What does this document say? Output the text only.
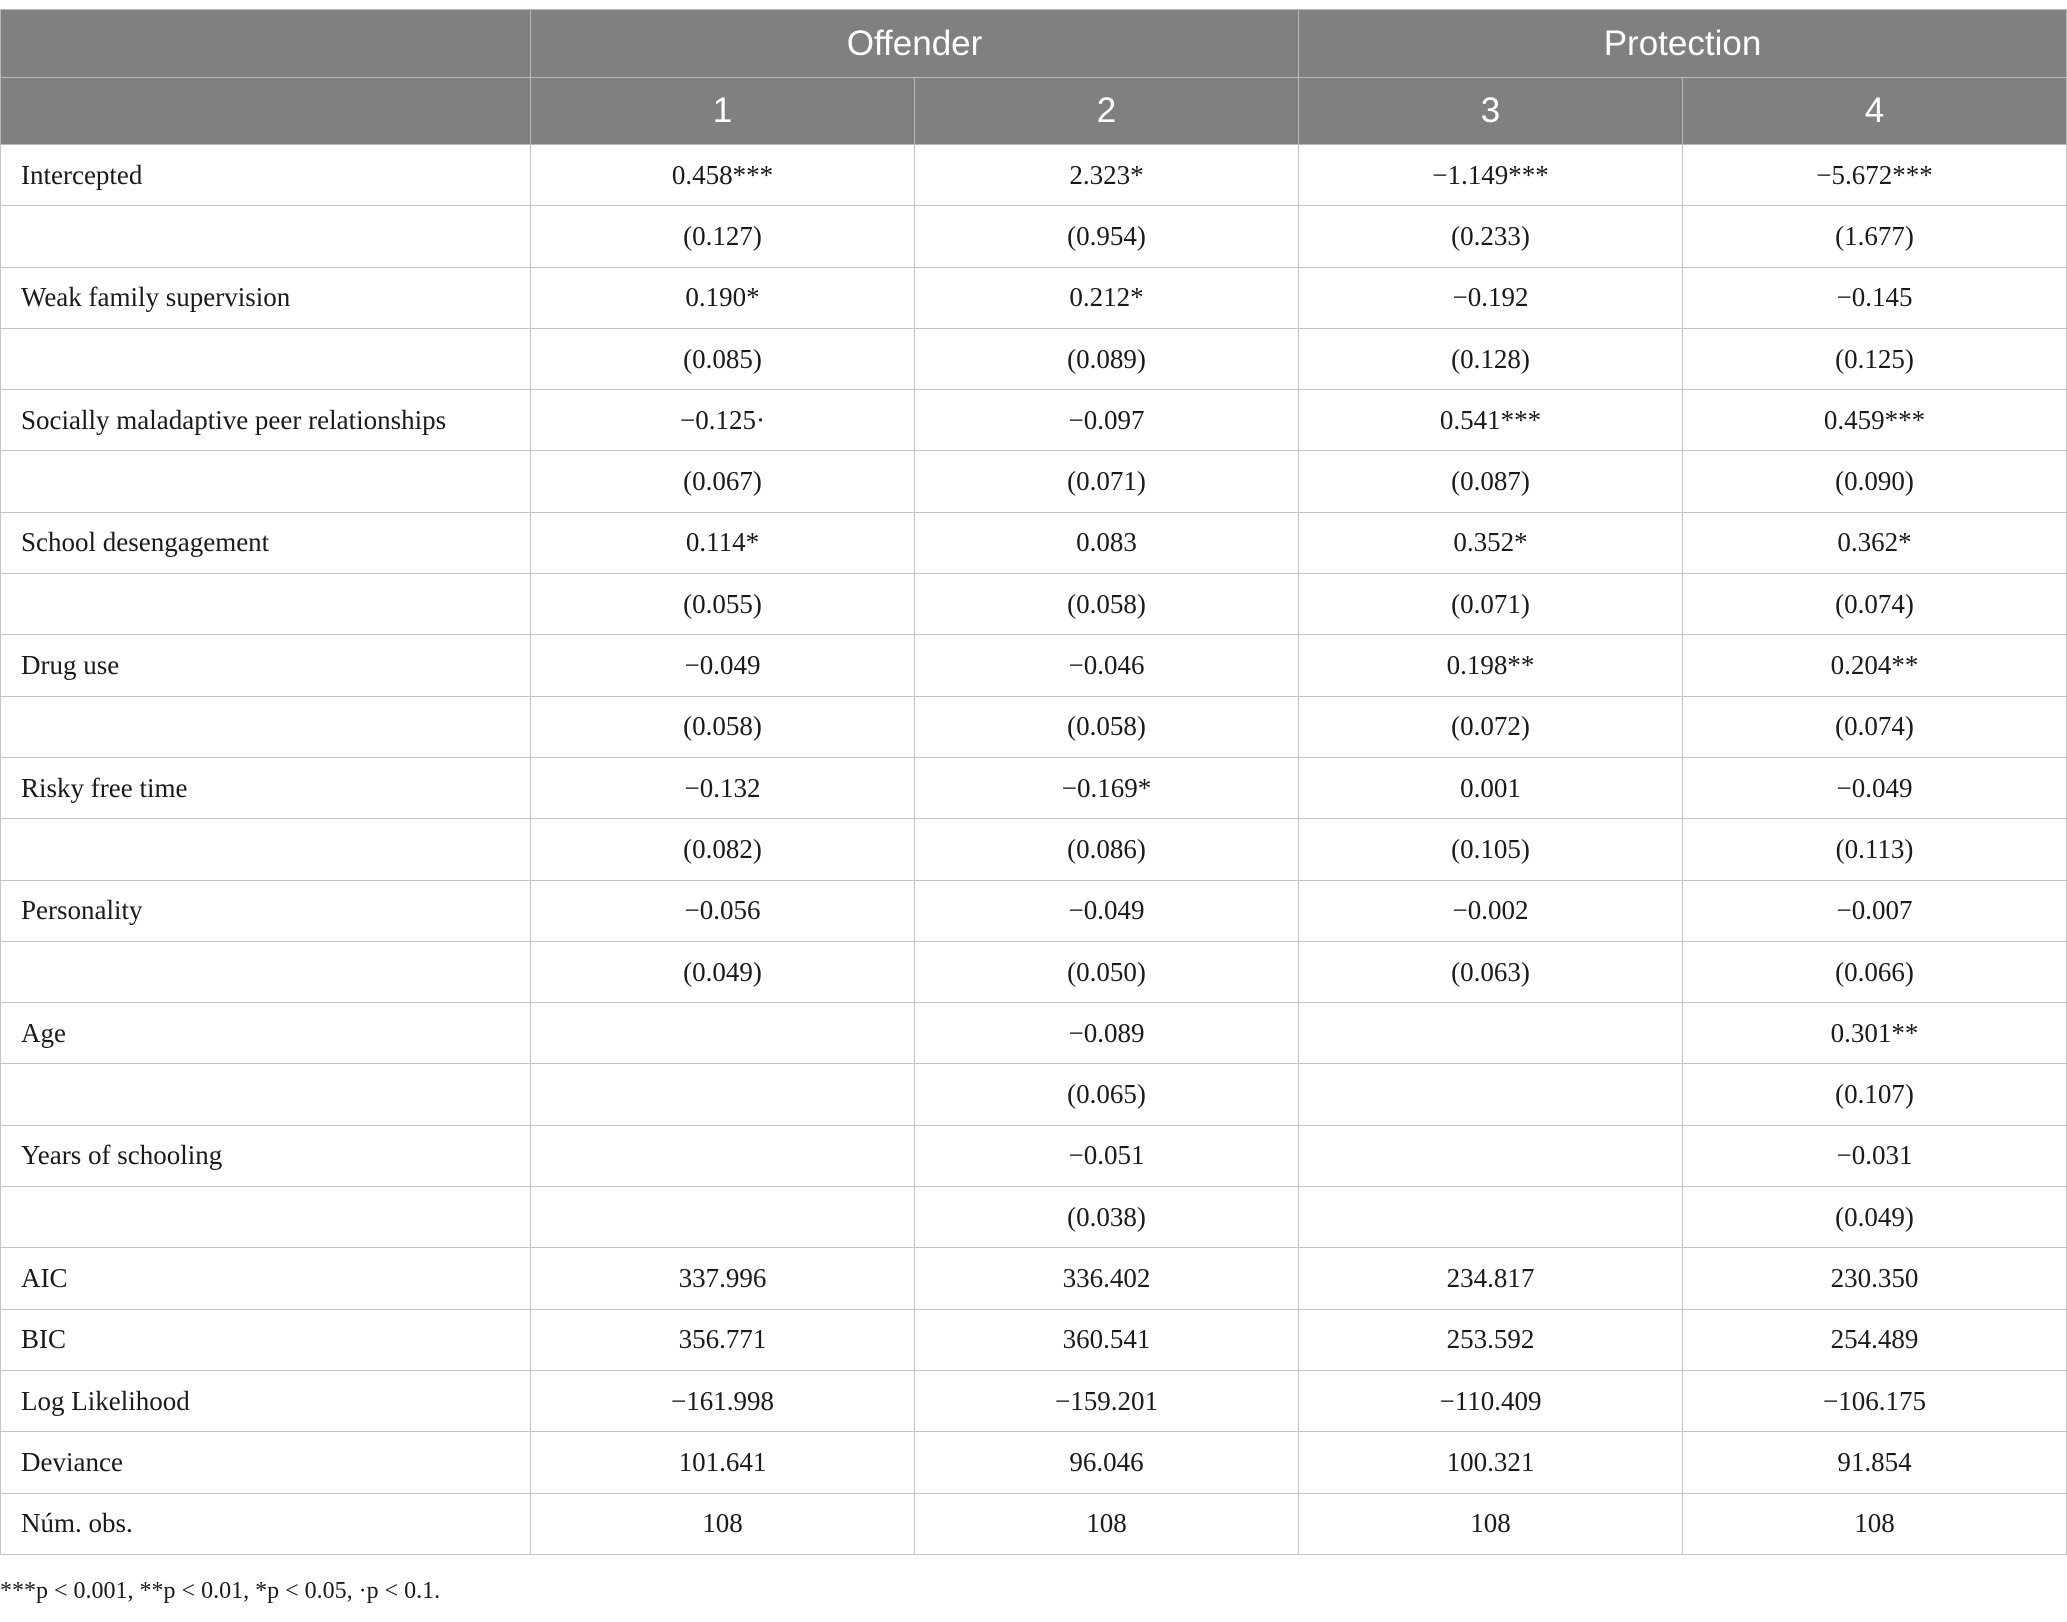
	Offender		Protection	
	1	2	3	4
Intercepted	0.458***	2.323*	−1.149***	−5.672***
	(0.127)	(0.954)	(0.233)	(1.677)
Weak family supervision	0.190*	0.212*	−0.192	−0.145
	(0.085)	(0.089)	(0.128)	(0.125)
Socially maladaptive peer relationships	−0.125·	−0.097	0.541***	0.459***
	(0.067)	(0.071)	(0.087)	(0.090)
School desengagement	0.114*	0.083	0.352*	0.362*
	(0.055)	(0.058)	(0.071)	(0.074)
Drug use	−0.049	−0.046	0.198**	0.204**
	(0.058)	(0.058)	(0.072)	(0.074)
Risky free time	−0.132	−0.169*	0.001	−0.049
	(0.082)	(0.086)	(0.105)	(0.113)
Personality	−0.056	−0.049	−0.002	−0.007
	(0.049)	(0.050)	(0.063)	(0.066)
Age		−0.089		0.301**
		(0.065)		(0.107)
Years of schooling		−0.051		−0.031
		(0.038)		(0.049)
AIC	337.996	336.402	234.817	230.350
BIC	356.771	360.541	253.592	254.489
Log Likelihood	−161.998	−159.201	−110.409	−106.175
Deviance	101.641	96.046	100.321	91.854
Núm. obs.	108	108	108	108
***p < 0.001, **p < 0.01, *p < 0.05, ·p < 0.1.
